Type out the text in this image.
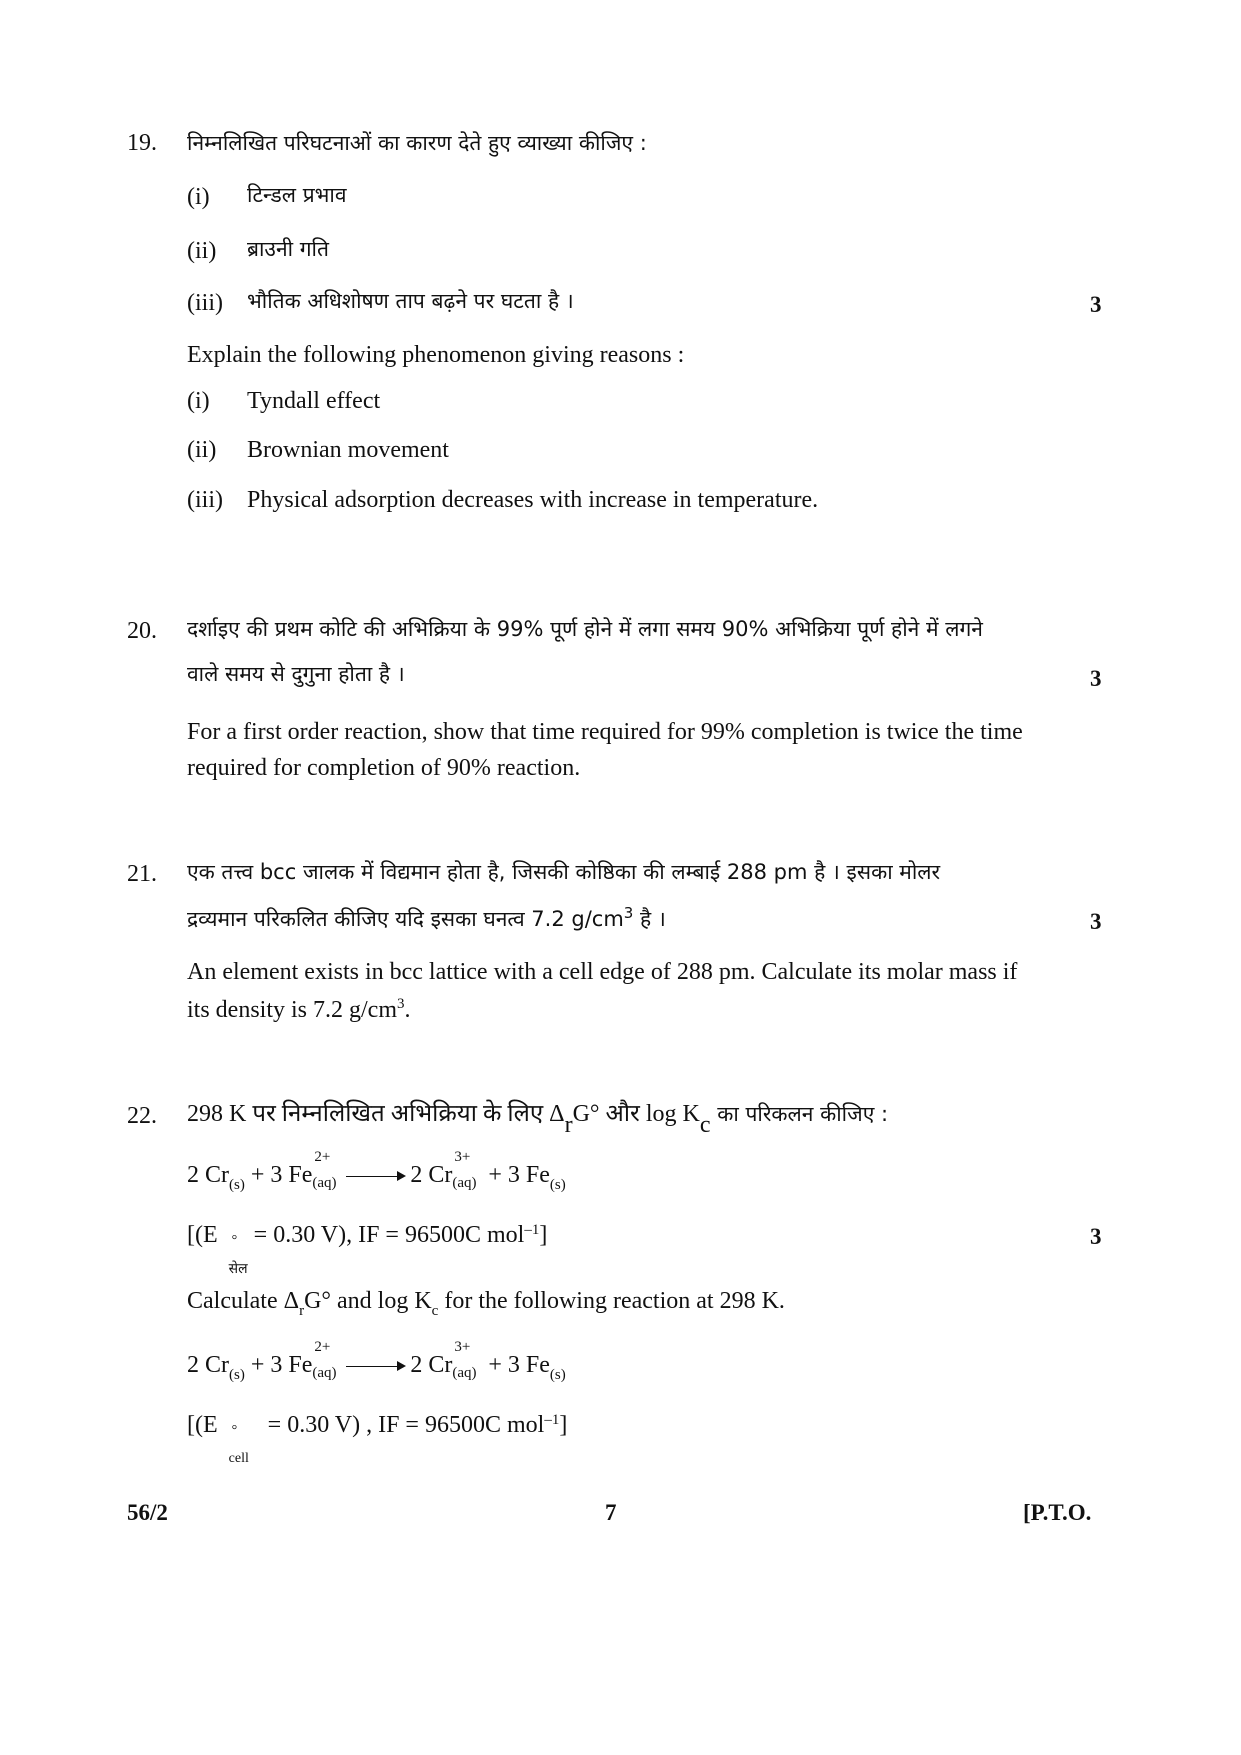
19. निम्नलिखित परिघटनाओं का कारण देते हुए व्याख्या कीजिए :
(i) टिन्डल प्रभाव
(ii) ब्राउनी गति
(iii) भौतिक अधिशोषण ताप बढ़ने पर घटता है ।	3
Explain the following phenomenon giving reasons :
(i) Tyndall effect
(ii) Brownian movement
(iii) Physical adsorption decreases with increase in temperature.
20. दर्शाइए की प्रथम कोटि की अभिक्रिया के 99% पूर्ण होने में लगा समय 90% अभिक्रिया पूर्ण होने में लगने
वाले समय से दुगुना होता है ।	3
For a first order reaction, show that time required for 99% completion is twice the time
required for completion of 90% reaction.
21. एक तत्त्व bcc जालक में विद्यमान होता है, जिसकी कोष्ठिका की लम्बाई 288 pm है । इसका मोलर
द्रव्यमान परिकलित कीजिए यदि इसका घनत्व 7.2 $g/cm^3$ है ।	3
An element exists in bcc lattice with a cell edge of 288 pm. Calculate its molar mass if
its density is 7.2 $g/cm^3$.
22. 298 K पर निम्नलिखित अभिक्रिया के लिए $\Delta_rG^\circ$ और $\log K_c$ का परिकलन कीजिए :
2 $Cr_{(s)} + 3$ Fe
2+
(aq)	2 Cr
3+
(aq) + 3 $Fe_{(s)}$
[(E °
सेल
= 0.30 V), IF = 96500C mol$^{-1}$]	3
Calculate $\Delta_rG^\circ$ and $\log K_c$ for the following reaction at 298 K.
2 $Cr_{(s)} + 3$ Fe
2+
(aq)	2 Cr
3+
(aq) + 3 $Fe_{(s)}$
[(E °
cell
= 0.30 V) , IF = 96500C mol$^{-1}$]
56/2	7	[P.T.O.
